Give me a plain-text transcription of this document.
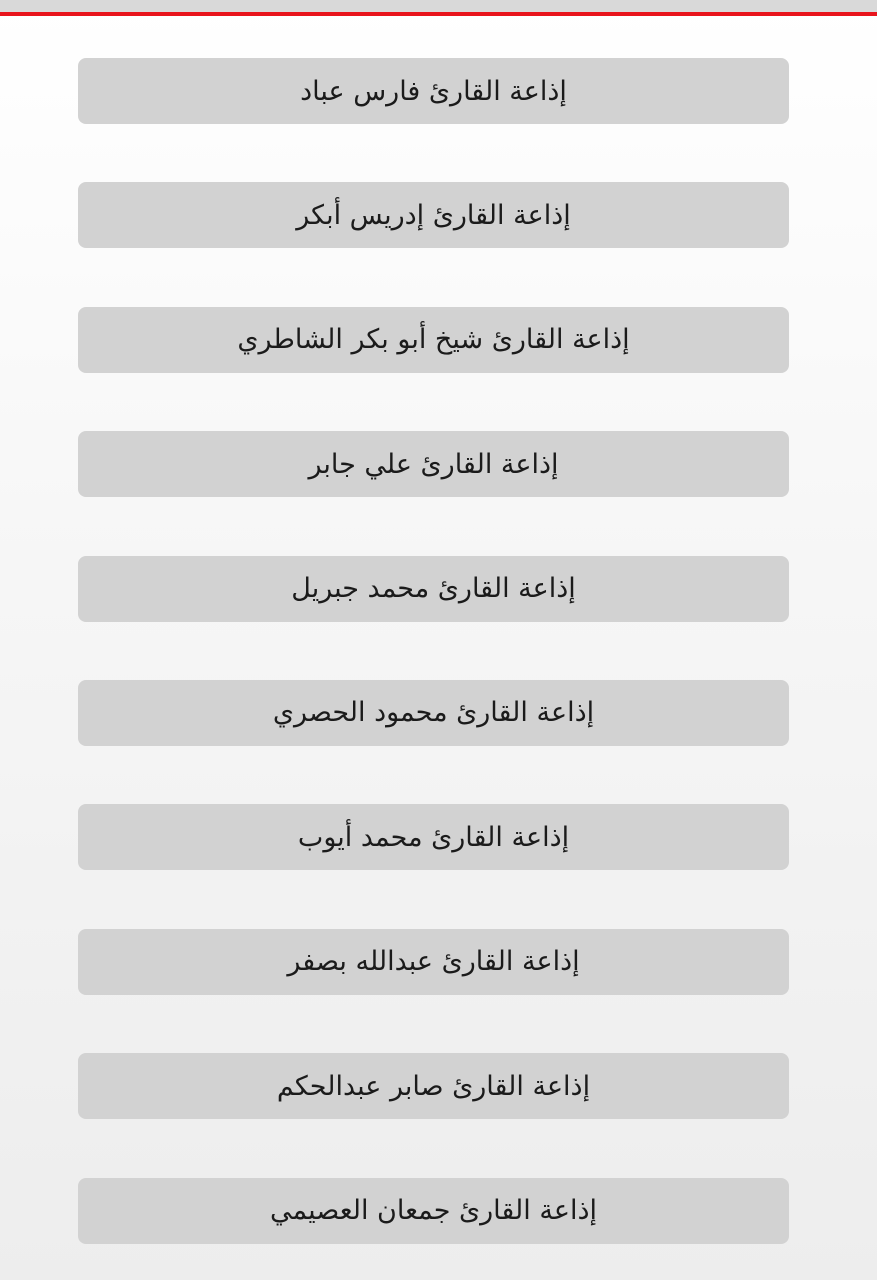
إذاعة القارئ فارس عباد
إذاعة القارئ إدريس أبكر
إذاعة القارئ شيخ أبو بكر الشاطري
إذاعة القارئ علي جابر
إذاعة القارئ محمد جبريل
إذاعة القارئ محمود الحصري
إذاعة القارئ محمد أيوب
إذاعة القارئ عبدالله بصفر
إذاعة القارئ صابر عبدالحكم
إذاعة القارئ جمعان العصيمي
